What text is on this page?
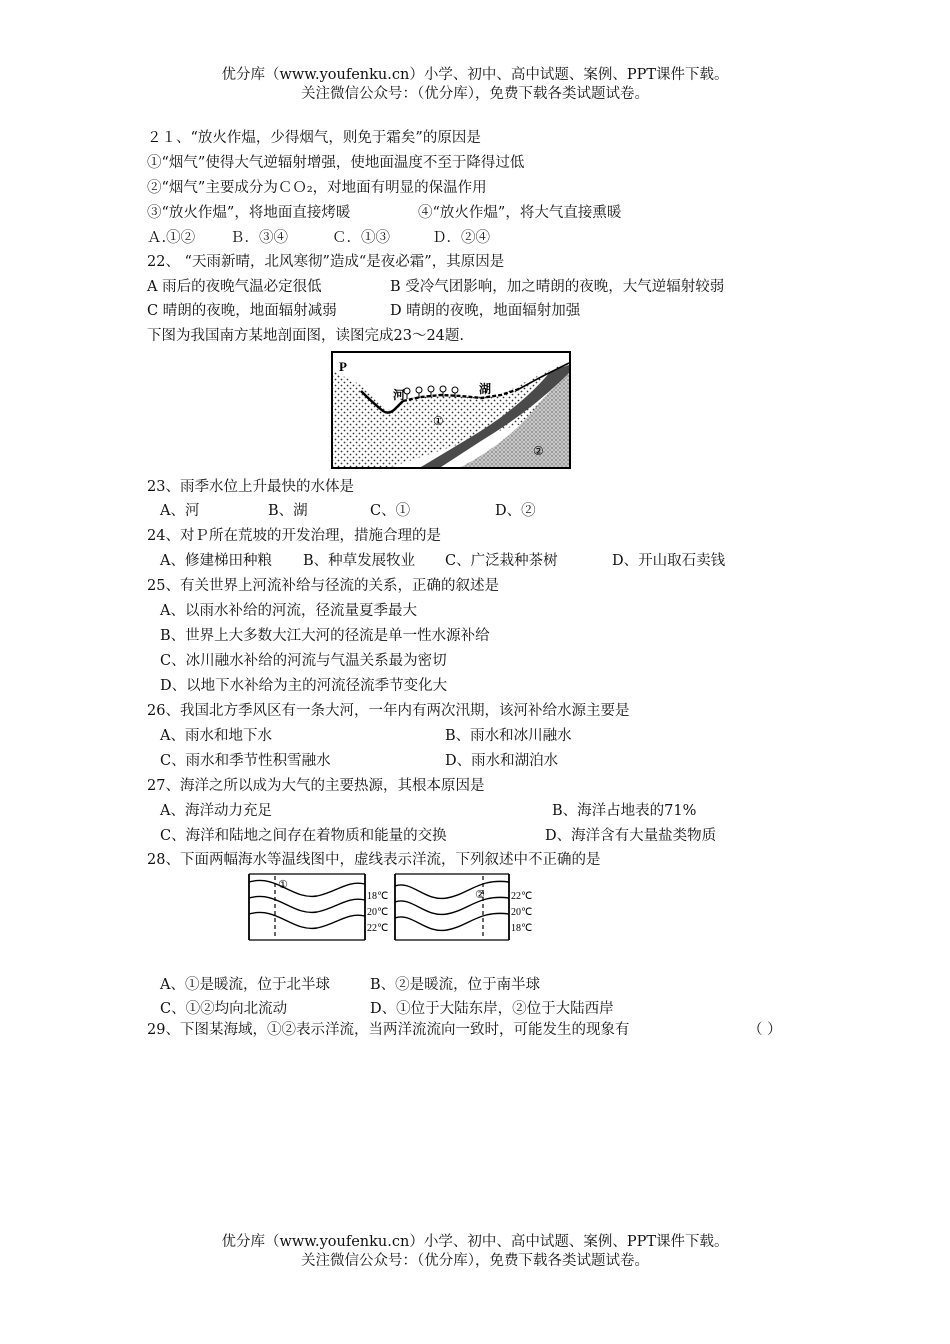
优分库（www.youfenku.cn）小学、初中、高中试题、案例、PPT课件下载。
关注微信公众号：（优分库），免费下载各类试题试卷。
２１、“放火作煴，少得烟气，则免于霜矣”的原因是
①“烟气”使得大气逆辐射增强，使地面温度不至于降得过低
②“烟气”主要成分为ＣＯ₂，对地面有明显的保温作用
③“放火作煴”，将地面直接烤暖	④“放火作煴”，将大气直接熏暖
Ａ.①② Ｂ．③④	Ｃ．①③	Ｄ．②④
22、 “天雨新晴，北风寒彻”造成“是夜必霜”，其原因是
A 雨后的夜晚气温必定很低	B 受冷气团影响，加之晴朗的夜晚，大气逆辐射较弱
C 晴朗的夜晚，地面辐射减弱	D 晴朗的夜晚，地面辐射加强
下图为我国南方某地剖面图，读图完成23～24题.
P
河	湖
①
②
23、雨季水位上升最快的水体是
A、河	B、湖	C、①	D、②
24、对Ｐ所在荒坡的开发治理，措施合理的是
A、修建梯田种粮 B、种草发展牧业 C、广泛栽种茶树	D、开山取石卖钱
25、有关世界上河流补给与径流的关系，正确的叙述是
A、以雨水补给的河流，径流量夏季最大
B、世界上大多数大江大河的径流是单一性水源补给
C、冰川融水补给的河流与气温关系最为密切
D、以地下水补给为主的河流径流季节变化大
26、我国北方季风区有一条大河，一年内有两次汛期，该河补给水源主要是
A、雨水和地下水	B、雨水和冰川融水
C、雨水和季节性积雪融水	D、雨水和湖泊水
27、海洋之所以成为大气的主要热源，其根本原因是
A、海洋动力充足	B、海洋占地表的71%
C、海洋和陆地之间存在着物质和能量的交换	D、海洋含有大量盐类物质
28、下面两幅海水等温线图中，虚线表示洋流，下列叙述中不正确的是
①
18℃
20℃
22℃
②	22℃
20℃
18℃
A、①是暖流，位于北半球	B、②是暖流，位于南半球
C、①②均向北流动	D、①位于大陆东岸，②位于大陆西岸
29、下图某海域，①②表示洋流，当两洋流流向一致时，可能发生的现象有	（ ）
优分库（www.youfenku.cn）小学、初中、高中试题、案例、PPT课件下载。
关注微信公众号：（优分库），免费下载各类试题试卷。
